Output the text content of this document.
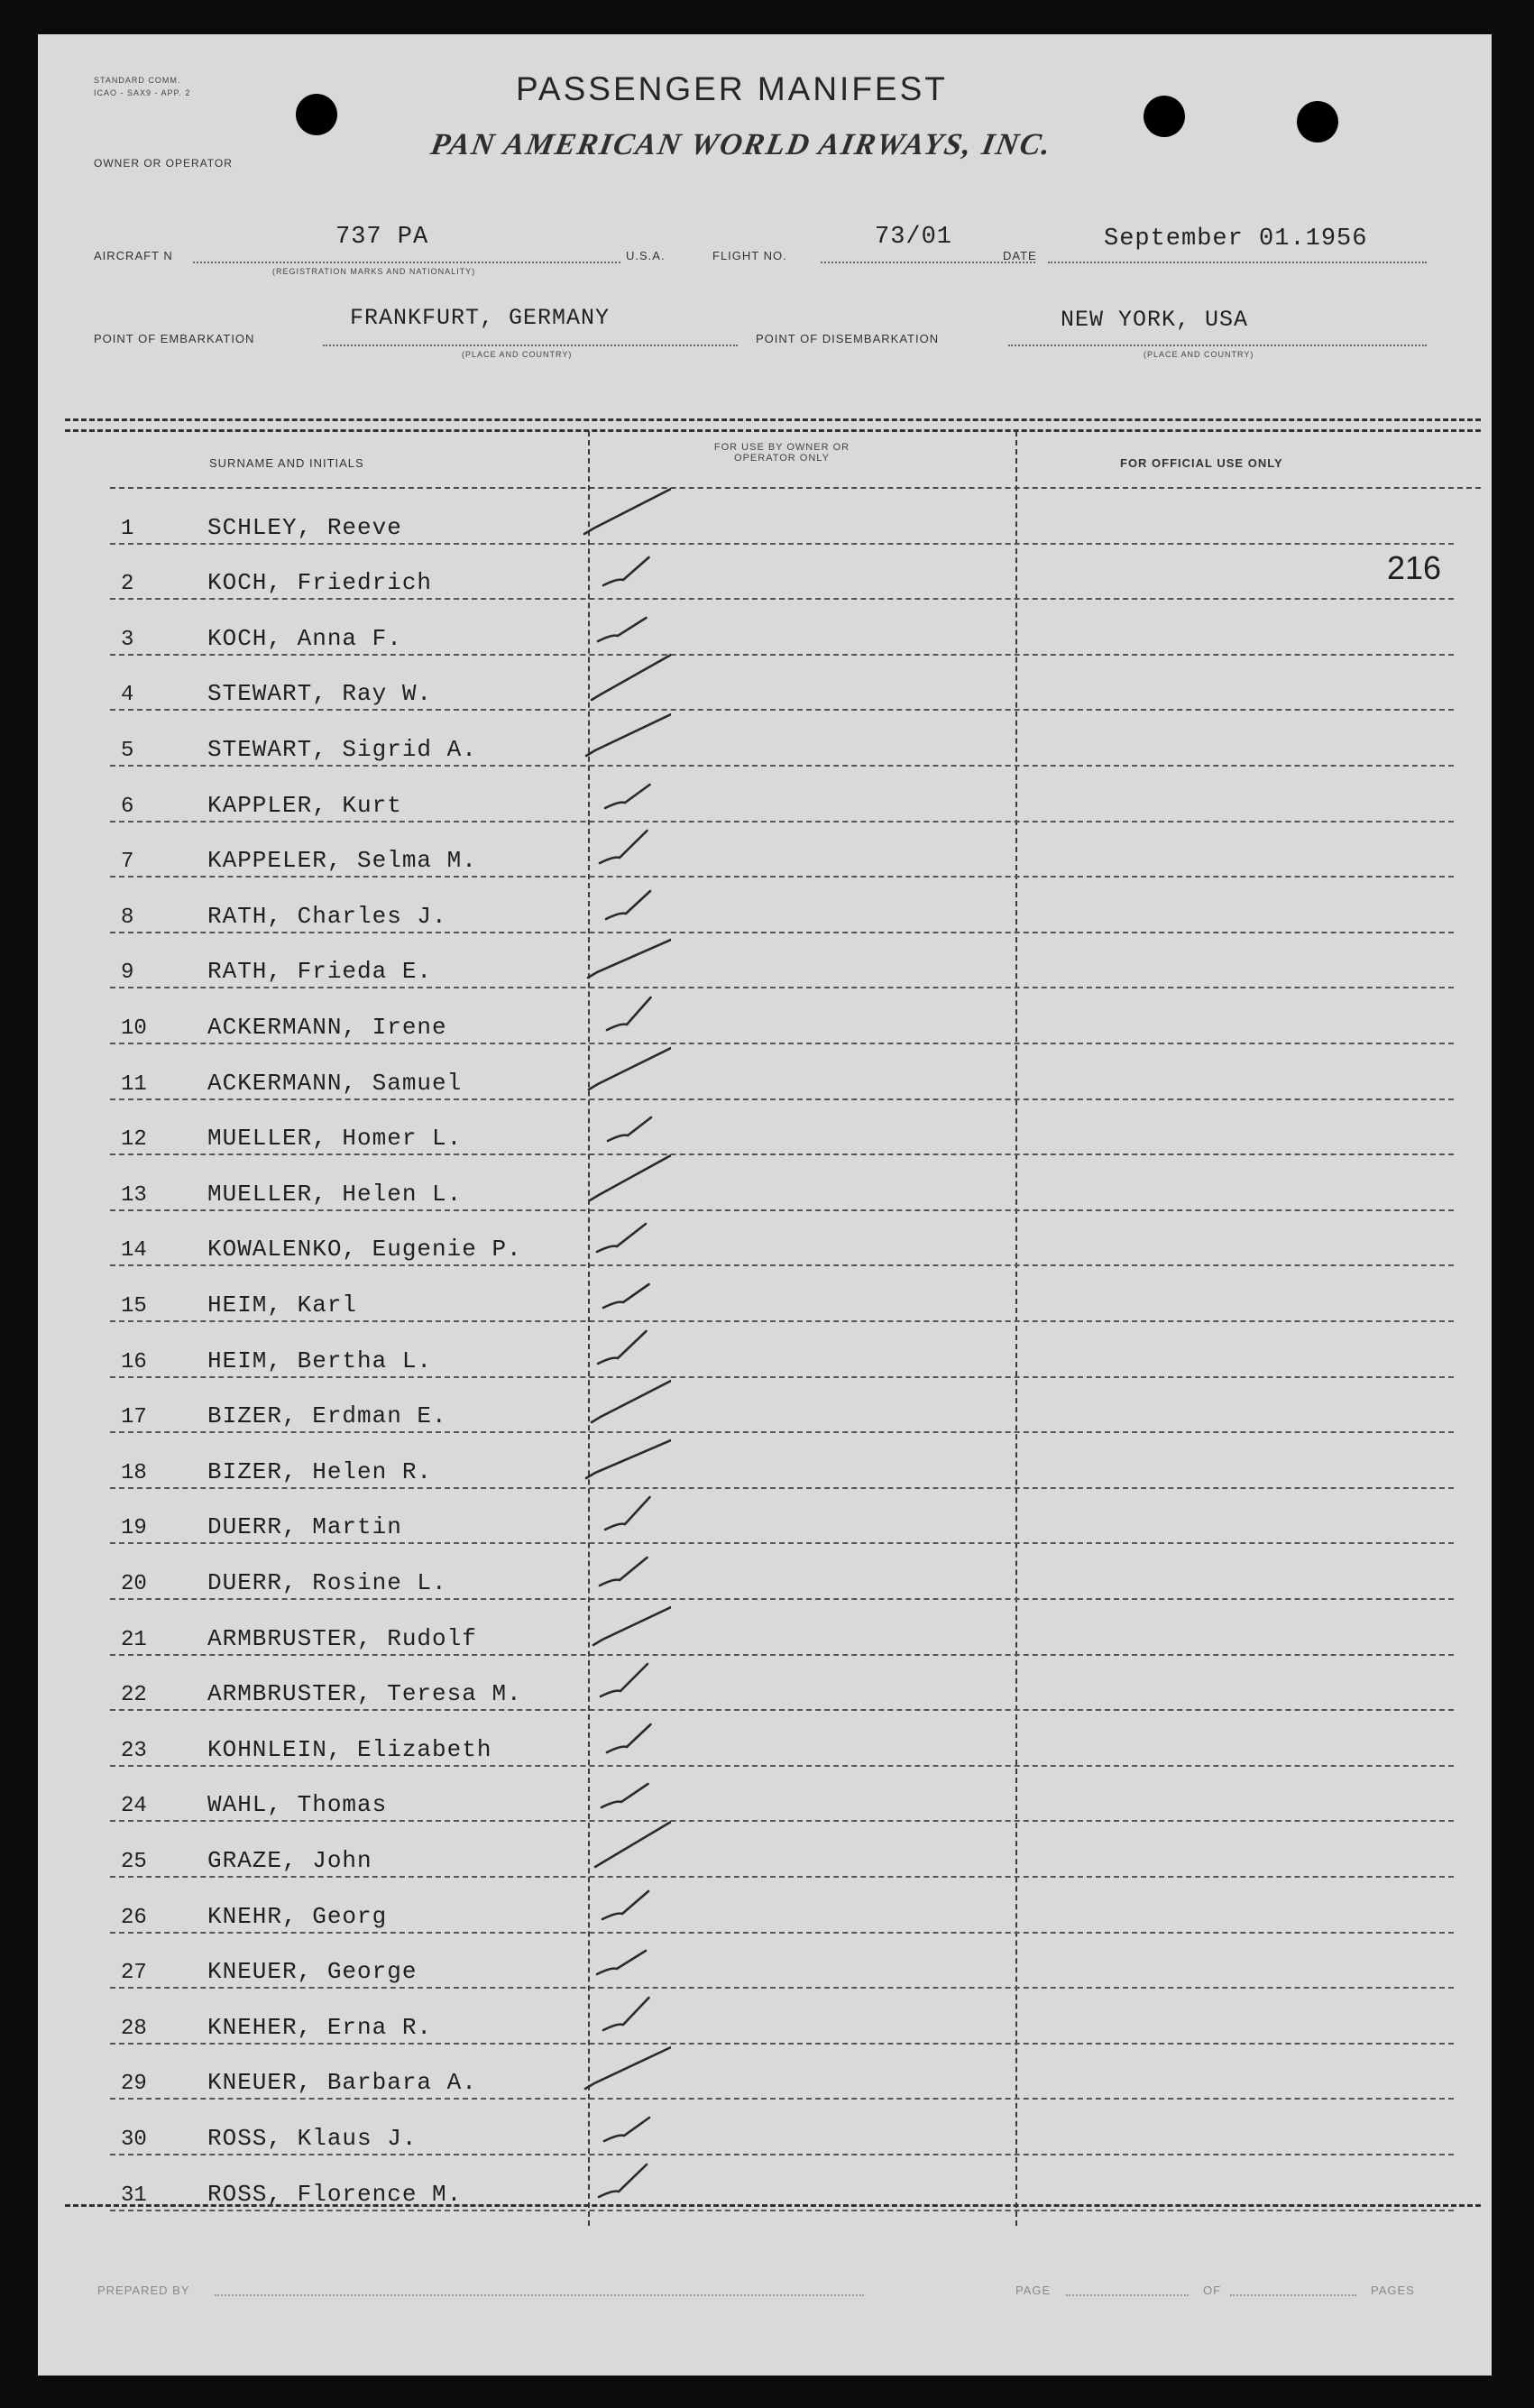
STANDARD COMM.
ICAO - SAX9 - APP. 2
OWNER OR OPERATOR
PASSENGER MANIFEST
PAN AMERICAN WORLD AIRWAYS, INC.
AIRCRAFT N
737 PA
(REGISTRATION MARKS AND NATIONALITY)
U.S.A.	FLIGHT NO.
73/01
DATE
September 01.1956
POINT OF EMBARKATION
FRANKFURT, GERMANY
(PLACE AND COUNTRY)
POINT OF DISEMBARKATION
NEW YORK, USA
(PLACE AND COUNTRY)
SURNAME AND INITIALS
FOR USE BY OWNER OR OPERATOR ONLY	FOR OFFICIAL USE ONLY
1	SCHLEY, Reeve
2	KOCH, Friedrich	216
3	KOCH, Anna F.
4	STEWART, Ray W.
5	STEWART, Sigrid A.
6	KAPPLER, Kurt
7	KAPPELER, Selma M.
8	RATH, Charles J.
9	RATH, Frieda E.
10	ACKERMANN, Irene
11	ACKERMANN, Samuel
12	MUELLER, Homer L.
13	MUELLER, Helen L.
14	KOWALENKO, Eugenie P.
15	HEIM, Karl
16	HEIM, Bertha L.
17	BIZER, Erdman E.
18	BIZER, Helen R.
19	DUERR, Martin
20	DUERR, Rosine L.
21	ARMBRUSTER, Rudolf
22	ARMBRUSTER, Teresa M.
23	KOHNLEIN, Elizabeth
24	WAHL, Thomas
25	GRAZE, John
26	KNEHR, Georg
27	KNEUER, George
28	KNEHER, Erna R.
29	KNEUER, Barbara A.
30	ROSS, Klaus J.
31	ROSS, Florence M.
PREPARED BY	PAGE	OF	PAGES
